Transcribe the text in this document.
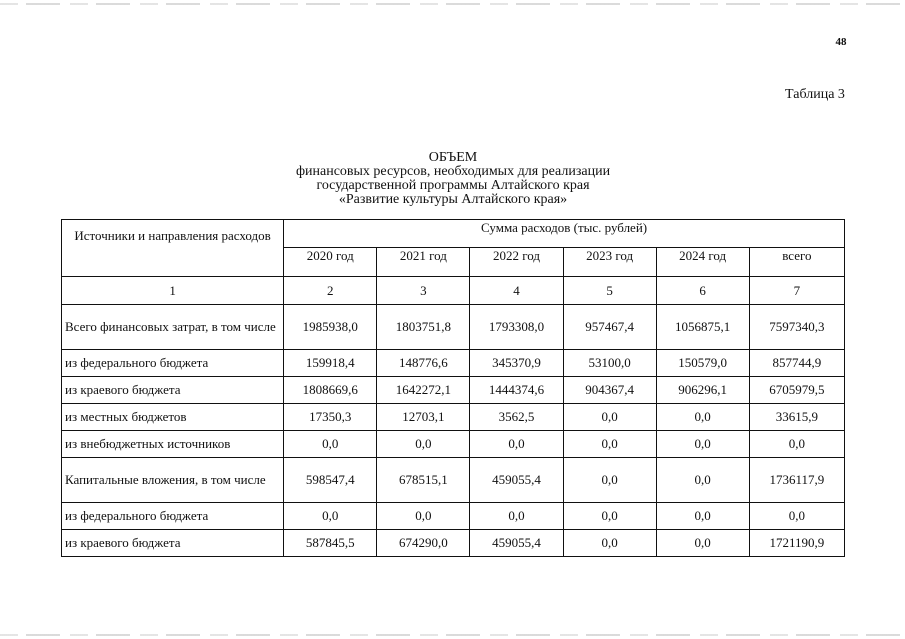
48
Таблица 3
ОБЪЕМ
финансовых ресурсов, необходимых для реализации
государственной программы Алтайского края
«Развитие культуры Алтайского края»
Источники и направления расходов	Сумма расходов (тыс. рублей)					
	2020 год	2021 год	2022 год	2023 год	2024 год	всего
1	2	3	4	5	6	7
Всего финансовых затрат, в том числе	1985938,0	1803751,8	1793308,0	957467,4	1056875,1	7597340,3
из федерального бюджета	159918,4	148776,6	345370,9	53100,0	150579,0	857744,9
из краевого бюджета	1808669,6	1642272,1	1444374,6	904367,4	906296,1	6705979,5
из местных бюджетов	17350,3	12703,1	3562,5	0,0	0,0	33615,9
из внебюджетных источников	0,0	0,0	0,0	0,0	0,0	0,0
Капитальные вложения, в том числе	598547,4	678515,1	459055,4	0,0	0,0	1736117,9
из федерального бюджета	0,0	0,0	0,0	0,0	0,0	0,0
из краевого бюджета	587845,5	674290,0	459055,4	0,0	0,0	1721190,9
